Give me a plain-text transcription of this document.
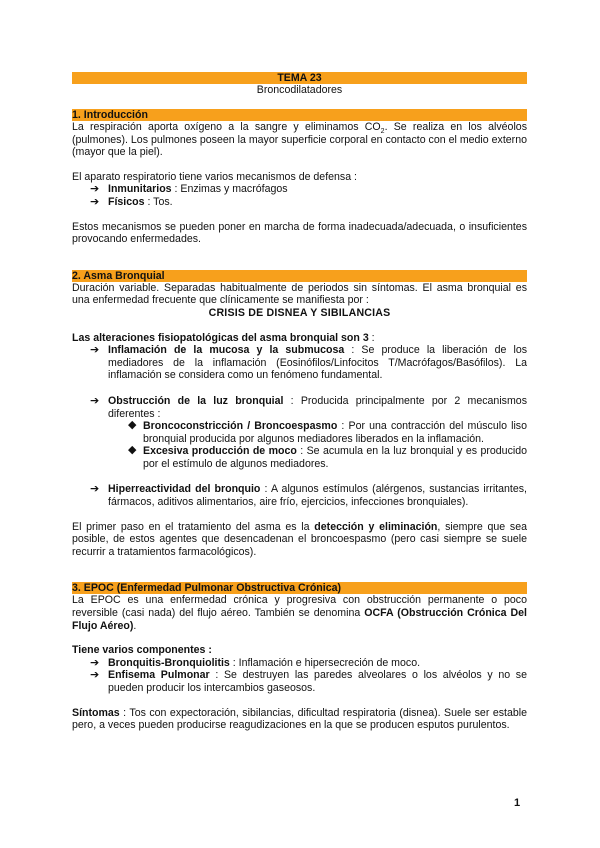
TEMA 23
Broncodilatadores
1. Introducción

La respiración aporta oxígeno a la sangre y eliminamos $CO_2$. Se realiza en los alvéolos (pulmones). Los pulmones poseen la mayor superficie corporal en contacto con el medio externo (mayor que la piel).

El aparato respiratorio tiene varios mecanismos de defensa :

➔ Inmunitarios : Enzimas y macrófagos
➔ Físicos : Tos.

Estos mecanismos se pueden poner en marcha de forma inadecuada/adecuada, o insuficientes provocando enfermedades.

2. Asma Bronquial

Duración variable. Separadas habitualmente de periodos sin síntomas. El asma bronquial es una enfermedad frecuente que clínicamente se manifiesta por :

CRISIS DE DISNEA Y SIBILANCIAS

Las alteraciones fisiopatológicas del asma bronquial son 3 :

➔ Inflamación de la mucosa y la submucosa : Se produce la liberación de los mediadores de la inflamación (Eosinófilos/Linfocitos T/Macrófagos/Basófilos). La inflamación se considera como un fenómeno fundamental.
➔ Obstrucción de la luz bronquial : Producida principalmente por 2 mecanismos diferentes :
◆ Broncoconstricción / Broncoespasmo : Por una contracción del músculo liso bronquial producida por algunos mediadores liberados en la inflamación.
◆ Excesiva producción de moco : Se acumula en la luz bronquial y es producido por el estímulo de algunos mediadores.
➔ Hiperreactividad del bronquio : A algunos estímulos (alérgenos, sustancias irritantes, fármacos, aditivos alimentarios, aire frío, ejercicios, infecciones bronquiales).

El primer paso en el tratamiento del asma es la detección y eliminación, siempre que sea posible, de estos agentes que desencadenan el broncoespasmo (pero casi siempre se suele recurrir a tratamientos farmacológicos).

3. EPOC (Enfermedad Pulmonar Obstructiva Crónica)

La EPOC es una enfermedad crónica y progresiva con obstrucción permanente o poco reversible (casi nada) del flujo aéreo. También se denomina OCFA (Obstrucción Crónica Del Flujo Aéreo).

Tiene varios componentes :

➔ Bronquitis-Bronquiolitis : Inflamación e hipersecreción de moco.
➔ Enfisema Pulmonar : Se destruyen las paredes alveolares o los alvéolos y no se pueden producir los intercambios gaseosos.

Síntomas : Tos con expectoración, sibilancias, dificultad respiratoria (disnea). Suele ser estable pero, a veces pueden producirse reagudizaciones en la que se producen esputos purulentos.

1
